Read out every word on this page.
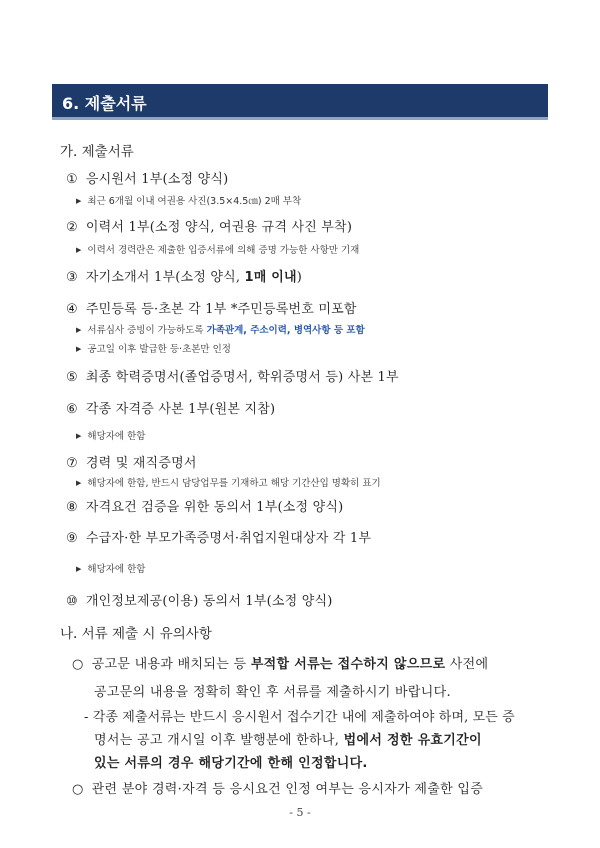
6. 제출서류
가. 제출서류
① 응시원서 1부(소정 양식)
▶ 최근 6개월 이내 여권용 사진(3.5×4.5㎝) 2매 부착
② 이력서 1부(소정 양식, 여권용 규격 사진 부착)
▶ 이력서 경력란은 제출한 입증서류에 의해 증명 가능한 사항만 기재
③ 자기소개서 1부(소정 양식, 1매 이내)
④ 주민등록 등·초본 각 1부 *주민등록번호 미포함
▶ 서류심사 증빙이 가능하도록 가족관계, 주소이력, 병역사항 등 포함
▶ 공고일 이후 발급한 등·초본만 인정
⑤ 최종 학력증명서(졸업증명서, 학위증명서 등) 사본 1부
⑥ 각종 자격증 사본 1부(원본 지참)
▶ 해당자에 한함
⑦ 경력 및 재직증명서
▶ 해당자에 한함, 반드시 담당업무를 기재하고 해당 기간산입 명확히 표기
⑧ 자격요건 검증을 위한 동의서 1부(소정 양식)
⑨ 수급자·한 부모가족증명서·취업지원대상자 각 1부
▶ 해당자에 한함
⑩ 개인정보제공(이용) 동의서 1부(소정 양식)
나. 서류 제출 시 유의사항
○ 공고문 내용과 배치되는 등 부적합 서류는 접수하지 않으므로 사전에
공고문의 내용을 정확히 확인 후 서류를 제출하시기 바랍니다.
- 각종 제출서류는 반드시 응시원서 접수기간 내에 제출하여야 하며, 모든 증
명서는 공고 개시일 이후 발행분에 한하나, 법에서 정한 유효기간이
있는 서류의 경우 해당기간에 한해 인정합니다.
○ 관련 분야 경력·자격 등 응시요건 인정 여부는 응시자가 제출한 입증
- 5 -
